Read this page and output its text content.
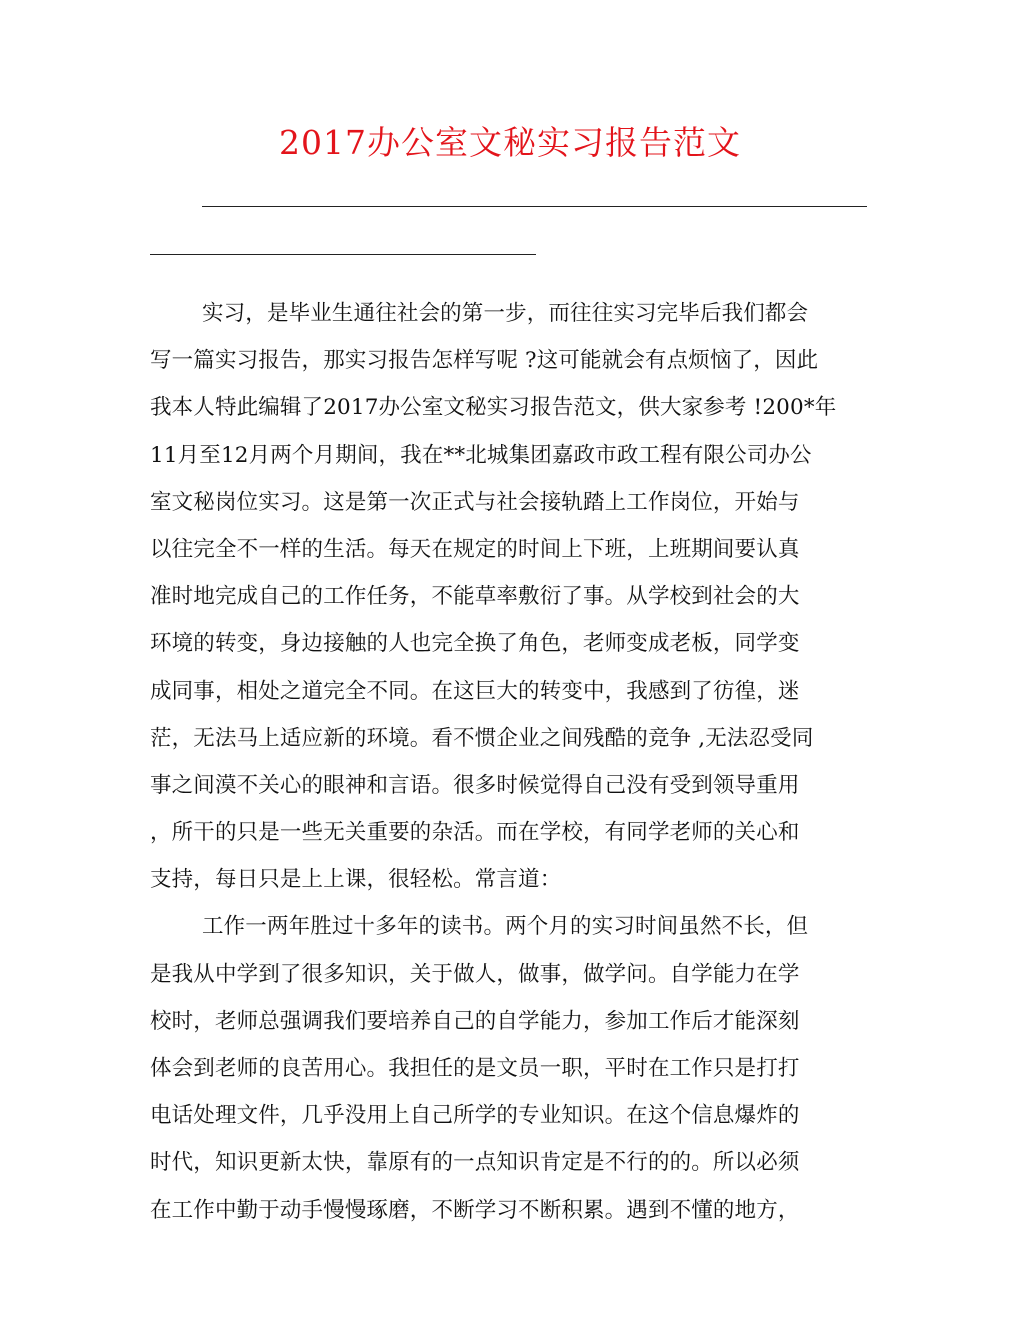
2017办公室文秘实习报告范文
实习，是毕业生通往社会的第一步，而往往实习完毕后我们都会
写一篇实习报告，那实习报告怎样写呢 ?这可能就会有点烦恼了，因此
我本人特此编辑了2017办公室文秘实习报告范文，供大家参考 !200*年
11月至12月两个月期间，我在**北城集团嘉政市政工程有限公司办公
室文秘岗位实习。这是第一次正式与社会接轨踏上工作岗位，开始与
以往完全不一样的生活。每天在规定的时间上下班，上班期间要认真
准时地完成自己的工作任务，不能草率敷衍了事。从学校到社会的大
环境的转变，身边接触的人也完全换了角色，老师变成老板，同学变
成同事，相处之道完全不同。在这巨大的转变中，我感到了彷徨，迷
茫，无法马上适应新的环境。看不惯企业之间残酷的竞争 ,无法忍受同
事之间漠不关心的眼神和言语。很多时候觉得自己没有受到领导重用
，所干的只是一些无关重要的杂活。而在学校，有同学老师的关心和
支持，每日只是上上课，很轻松。常言道：
工作一两年胜过十多年的读书。两个月的实习时间虽然不长，但
是我从中学到了很多知识，关于做人，做事，做学问。自学能力在学
校时，老师总强调我们要培养自己的自学能力，参加工作后才能深刻
体会到老师的良苦用心。我担任的是文员一职，平时在工作只是打打
电话处理文件，几乎没用上自己所学的专业知识。在这个信息爆炸的
时代，知识更新太快，靠原有的一点知识肯定是不行的的。所以必须
在工作中勤于动手慢慢琢磨，不断学习不断积累。遇到不懂的地方，
